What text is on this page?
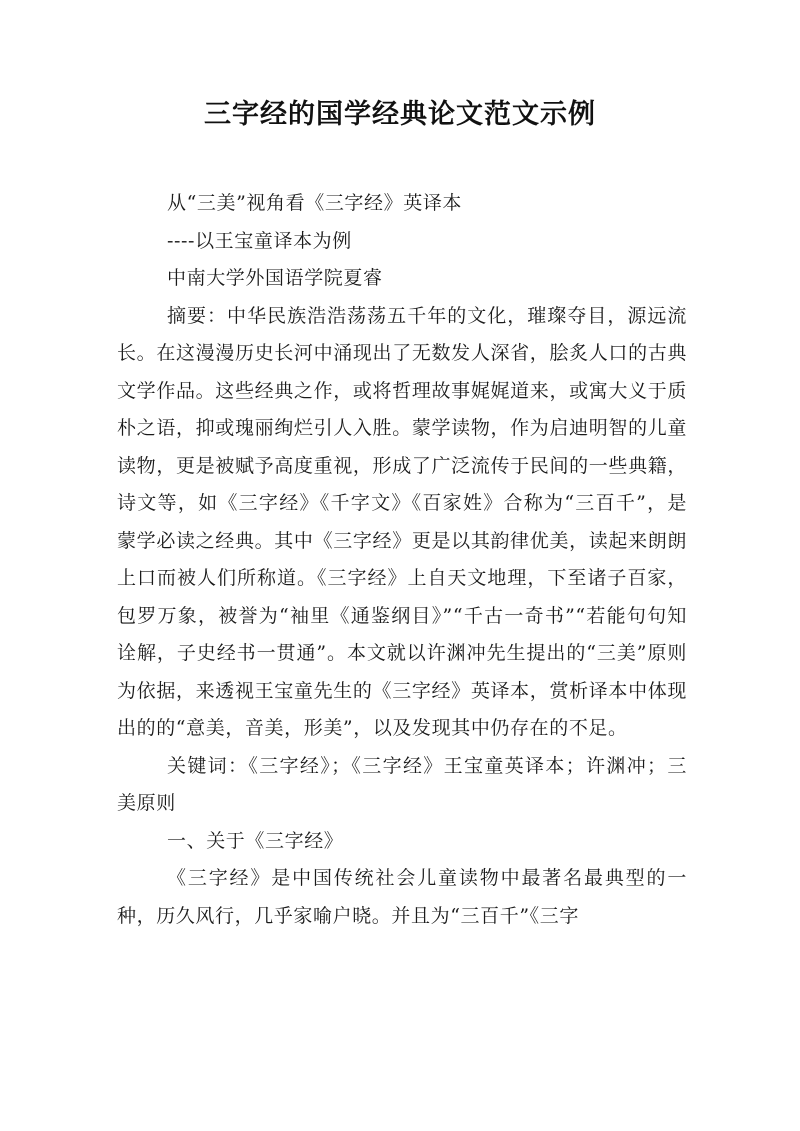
三字经的国学经典论文范文示例

从“三美”视角看《三字经》英译本

----以王宝童译本为例

中南大学外国语学院夏睿

摘要：中华民族浩浩荡荡五千年的文化，璀璨夺目，源远流长。在这漫漫历史长河中涌现出了无数发人深省，脍炙人口的古典文学作品。这些经典之作，或将哲理故事娓娓道来，或寓大义于质朴之语，抑或瑰丽绚烂引人入胜。蒙学读物，作为启迪明智的儿童读物，更是被赋予高度重视，形成了广泛流传于民间的一些典籍，诗文等，如《三字经》《千字文》《百家姓》合称为“三百千”，是蒙学必读之经典。其中《三字经》更是以其韵律优美，读起来朗朗上口而被人们所称道。《三字经》上自天文地理，下至诸子百家，包罗万象，被誉为“袖里《通鉴纲目》”“千古一奇书”“若能句句知诠解，子史经书一贯通”。本文就以许渊冲先生提出的“三美”原则为依据，来透视王宝童先生的《三字经》英译本，赏析译本中体现出的的“意美，音美，形美”，以及发现其中仍存在的不足。

关键词：《三字经》；《三字经》王宝童英译本；许渊冲；三美原则

一、关于《三字经》

《三字经》是中国传统社会儿童读物中最著名最典型的一种，历久风行，几乎家喻户晓。并且为“三百千”《三字
